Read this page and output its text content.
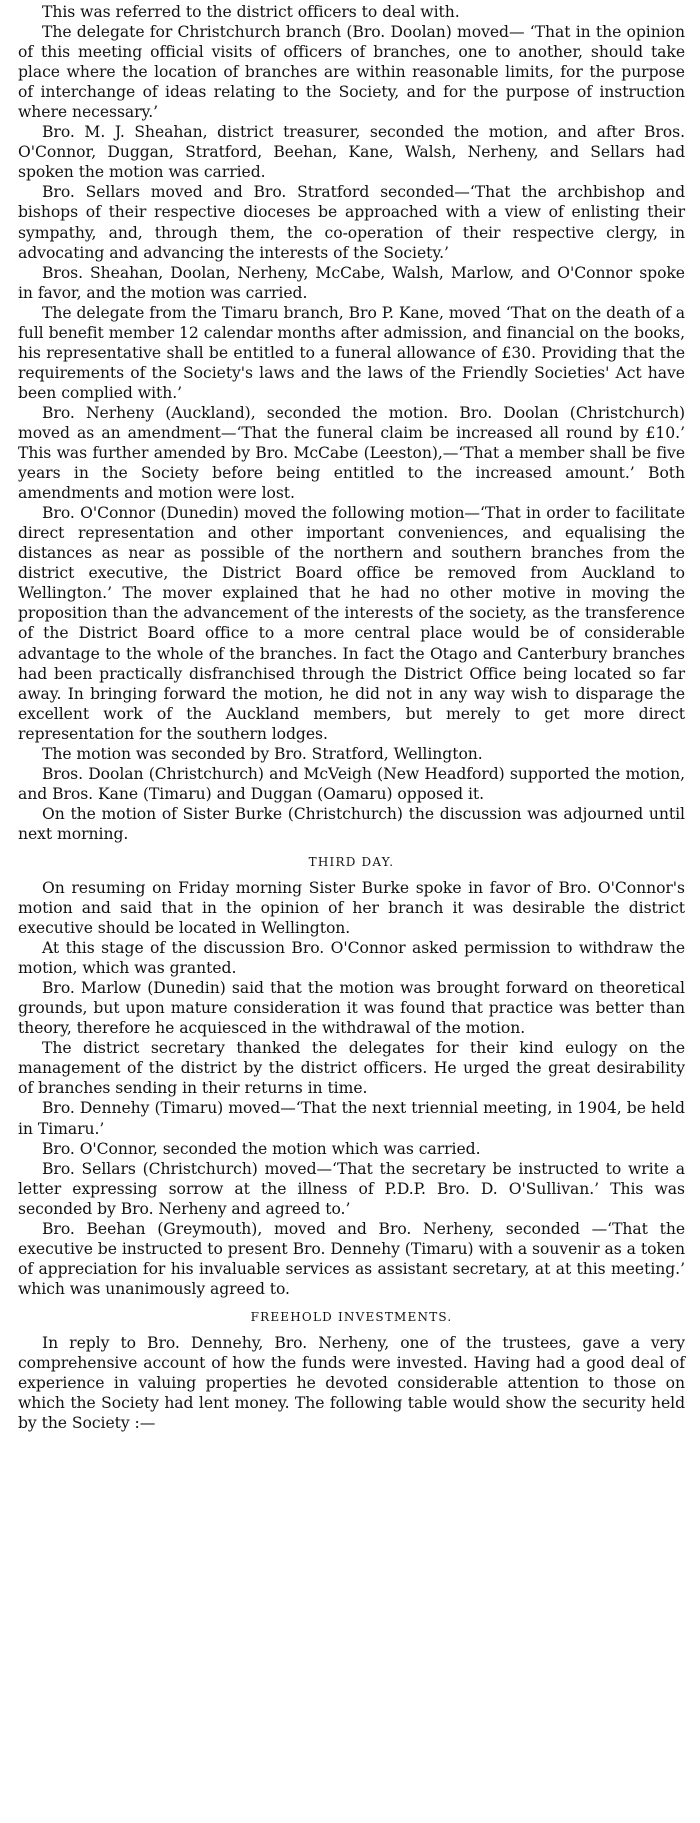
This was referred to the district officers to deal with.

The delegate for Christchurch branch (Bro. Doolan) moved— ‘That in the opinion of this meeting official visits of officers of branches, one to another, should take place where the location of branches are within reasonable limits, for the purpose of interchange of ideas relating to the Society, and for the purpose of instruction where necessary.’

Bro. M. J. Sheahan, district treasurer, seconded the motion, and after Bros. O'Connor, Duggan, Stratford, Beehan, Kane, Walsh, Nerheny, and Sellars had spoken the motion was carried.

Bro. Sellars moved and Bro. Stratford seconded—‘That the archbishop and bishops of their respective dioceses be approached with a view of enlisting their sympathy, and, through them, the co-operation of their respective clergy, in advocating and advancing the interests of the Society.’

Bros. Sheahan, Doolan, Nerheny, McCabe, Walsh, Marlow, and O'Connor spoke in favor, and the motion was carried.

The delegate from the Timaru branch, Bro P. Kane, moved ‘That on the death of a full benefit member 12 calendar months after admission, and financial on the books, his representative shall be entitled to a funeral allowance of £30. Providing that the requirements of the Society's laws and the laws of the Friendly Societies' Act have been complied with.’

Bro. Nerheny (Auckland), seconded the motion. Bro. Doolan (Christchurch) moved as an amendment—‘That the funeral claim be increased all round by £10.’ This was further amended by Bro. McCabe (Leeston),—‘That a member shall be five years in the Society before being entitled to the increased amount.’ Both amendments and motion were lost.

Bro. O'Connor (Dunedin) moved the following motion—‘That in order to facilitate direct representation and other important conveniences, and equalising the distances as near as possible of the northern and southern branches from the district executive, the District Board office be removed from Auckland to Wellington.’ The mover explained that he had no other motive in moving the proposition than the advancement of the interests of the society, as the transference of the District Board office to a more central place would be of considerable advantage to the whole of the branches. In fact the Otago and Canterbury branches had been practically disfranchised through the District Office being located so far away. In bringing forward the motion, he did not in any way wish to disparage the excellent work of the Auckland members, but merely to get more direct representation for the southern lodges.

The motion was seconded by Bro. Stratford, Wellington.

Bros. Doolan (Christchurch) and McVeigh (New Headford) supported the motion, and Bros. Kane (Timaru) and Duggan (Oamaru) opposed it.

On the motion of Sister Burke (Christchurch) the discussion was adjourned until next morning.

THIRD DAY.

On resuming on Friday morning Sister Burke spoke in favor of Bro. O'Connor's motion and said that in the opinion of her branch it was desirable the district executive should be located in Wellington.

At this stage of the discussion Bro. O'Connor asked permission to withdraw the motion, which was granted.

Bro. Marlow (Dunedin) said that the motion was brought forward on theoretical grounds, but upon mature consideration it was found that practice was better than theory, therefore he acquiesced in the withdrawal of the motion.

The district secretary thanked the delegates for their kind eulogy on the management of the district by the district officers. He urged the great desirability of branches sending in their returns in time.

Bro. Dennehy (Timaru) moved—‘That the next triennial meeting, in 1904, be held in Timaru.’

Bro. O'Connor, seconded the motion which was carried.

Bro. Sellars (Christchurch) moved—‘That the secretary be instructed to write a letter expressing sorrow at the illness of P.D.P. Bro. D. O'Sullivan.’ This was seconded by Bro. Nerheny and agreed to.’

Bro. Beehan (Greymouth), moved and Bro. Nerheny, seconded —‘That the executive be instructed to present Bro. Dennehy (Timaru) with a souvenir as a token of appreciation for his invaluable services as assistant secretary, at at this meeting.’ which was unanimously agreed to.

FREEHOLD INVESTMENTS.

In reply to Bro. Dennehy, Bro. Nerheny, one of the trustees, gave a very comprehensive account of how the funds were invested. Having had a good deal of experience in valuing properties he devoted considerable attention to those on which the Society had lent money. The following table would show the security held by the Society :—
